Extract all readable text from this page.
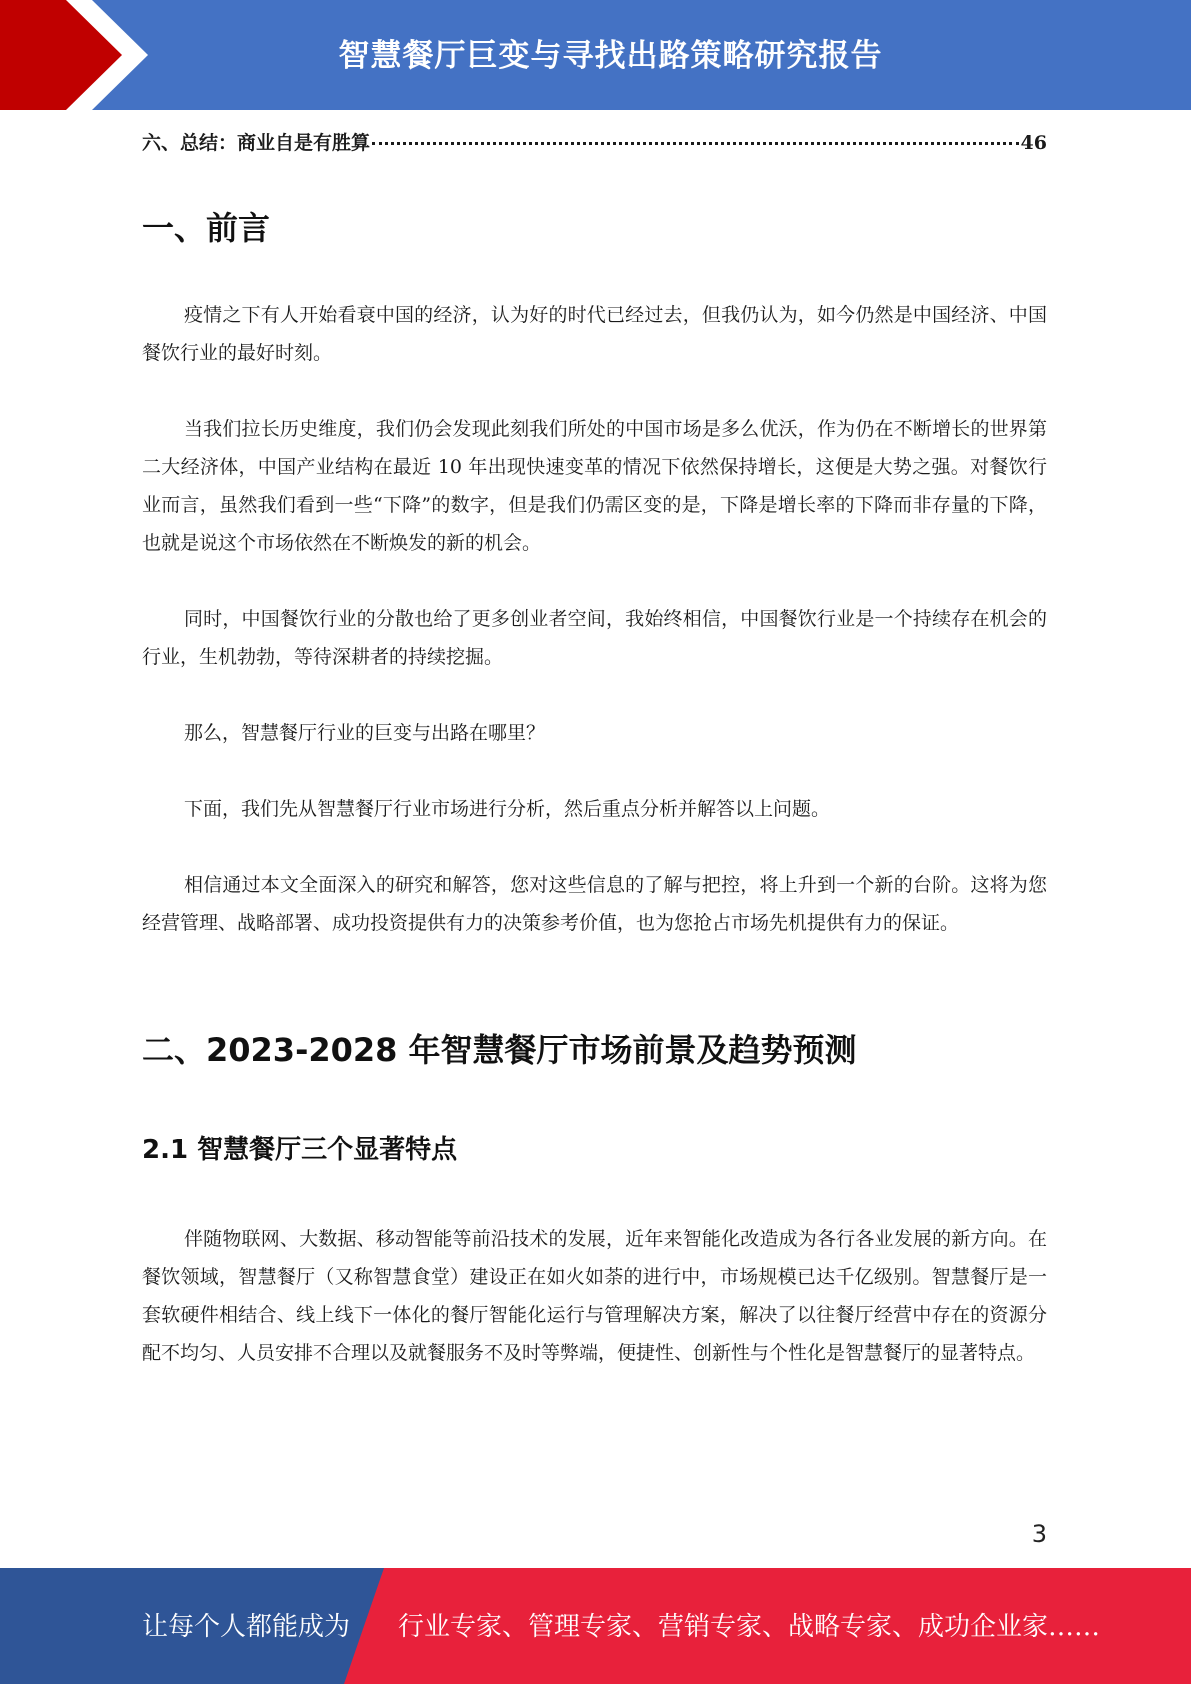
智慧餐厅巨变与寻找出路策略研究报告
六、总结：商业自是有胜算	46
一、前言

疫情之下有人开始看衰中国的经济，认为好的时代已经过去，但我仍认为，如今仍然是中国经济、中国餐饮行业的最好时刻。

当我们拉长历史维度，我们仍会发现此刻我们所处的中国市场是多么优沃，作为仍在不断增长的世界第二大经济体，中国产业结构在最近 10 年出现快速变革的情况下依然保持增长，这便是大势之强。对餐饮行业而言，虽然我们看到一些“下降”的数字，但是我们仍需区变的是，下降是增长率的下降而非存量的下降，也就是说这个市场依然在不断焕发的新的机会。

同时，中国餐饮行业的分散也给了更多创业者空间，我始终相信，中国餐饮行业是一个持续存在机会的行业，生机勃勃，等待深耕者的持续挖掘。

那么，智慧餐厅行业的巨变与出路在哪里？

下面，我们先从智慧餐厅行业市场进行分析，然后重点分析并解答以上问题。

相信通过本文全面深入的研究和解答，您对这些信息的了解与把控，将上升到一个新的台阶。这将为您经营管理、战略部署、成功投资提供有力的决策参考价值，也为您抢占市场先机提供有力的保证。

二、2023-2028 年智慧餐厅市场前景及趋势预测
2.1 智慧餐厅三个显著特点

伴随物联网、大数据、移动智能等前沿技术的发展，近年来智能化改造成为各行各业发展的新方向。在餐饮领域，智慧餐厅（又称智慧食堂）建设正在如火如荼的进行中，市场规模已达千亿级别。智慧餐厅是一套软硬件相结合、线上线下一体化的餐厅智能化运行与管理解决方案，解决了以往餐厅经营中存在的资源分配不均匀、人员安排不合理以及就餐服务不及时等弊端，便捷性、创新性与个性化是智慧餐厅的显著特点。

3
让每个人都能成为 行业专家、管理专家、营销专家、战略专家、成功企业家……
